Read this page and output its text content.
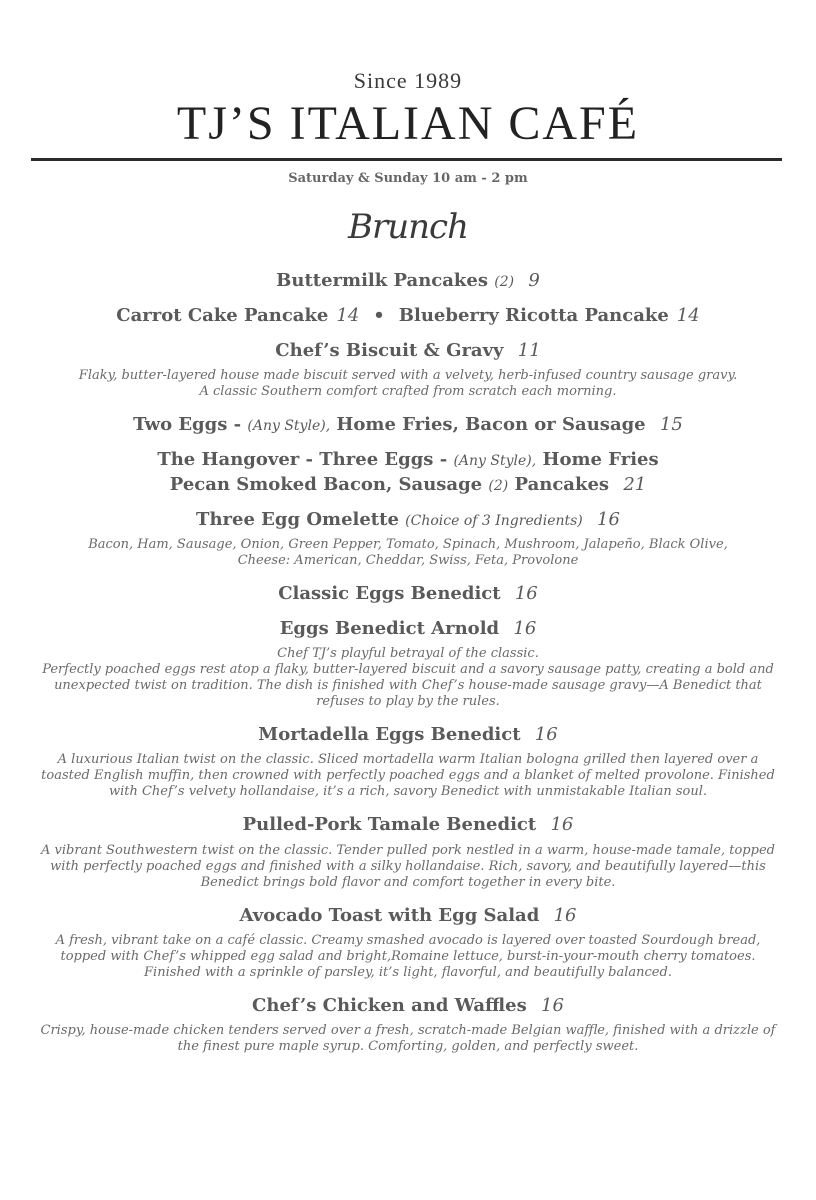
Since 1989
TJ’S ITALIAN CAFÉ
Saturday & Sunday 10 am - 2 pm
Brunch
Buttermilk Pancakes (2) 9
Carrot Cake Pancake 14 • Blueberry Ricotta Pancake 14
Chef’s Biscuit & Gravy 11
Flaky, butter-layered house made biscuit served with a velvety, herb-infused country sausage gravy.
A classic Southern comfort crafted from scratch each morning.
Two Eggs - (Any Style), Home Fries, Bacon or Sausage 15
The Hangover - Three Eggs - (Any Style), Home Fries
Pecan Smoked Bacon, Sausage (2) Pancakes 21
Three Egg Omelette (Choice of 3 Ingredients) 16
Bacon, Ham, Sausage, Onion, Green Pepper, Tomato, Spinach, Mushroom, Jalapeño, Black Olive,
Cheese: American, Cheddar, Swiss, Feta, Provolone
Classic Eggs Benedict 16
Eggs Benedict Arnold 16
Chef TJ’s playful betrayal of the classic.
Perfectly poached eggs rest atop a flaky, butter-layered biscuit and a savory sausage patty, creating a bold and
unexpected twist on tradition. The dish is finished with Chef’s house-made sausage gravy—A Benedict that
refuses to play by the rules.
Mortadella Eggs Benedict 16
A luxurious Italian twist on the classic. Sliced mortadella warm Italian bologna grilled then layered over a
toasted English muffin, then crowned with perfectly poached eggs and a blanket of melted provolone. Finished
with Chef’s velvety hollandaise, it’s a rich, savory Benedict with unmistakable Italian soul.
Pulled-Pork Tamale Benedict 16
A vibrant Southwestern twist on the classic. Tender pulled pork nestled in a warm, house-made tamale, topped
with perfectly poached eggs and finished with a silky hollandaise. Rich, savory, and beautifully layered—this
Benedict brings bold flavor and comfort together in every bite.
Avocado Toast with Egg Salad 16
A fresh, vibrant take on a café classic. Creamy smashed avocado is layered over toasted Sourdough bread,
topped with Chef’s whipped egg salad and bright,Romaine lettuce, burst-in-your-mouth cherry tomatoes.
Finished with a sprinkle of parsley, it’s light, flavorful, and beautifully balanced.
Chef’s Chicken and Waffles 16
Crispy, house-made chicken tenders served over a fresh, scratch-made Belgian waffle, finished with a drizzle of
the finest pure maple syrup. Comforting, golden, and perfectly sweet.
